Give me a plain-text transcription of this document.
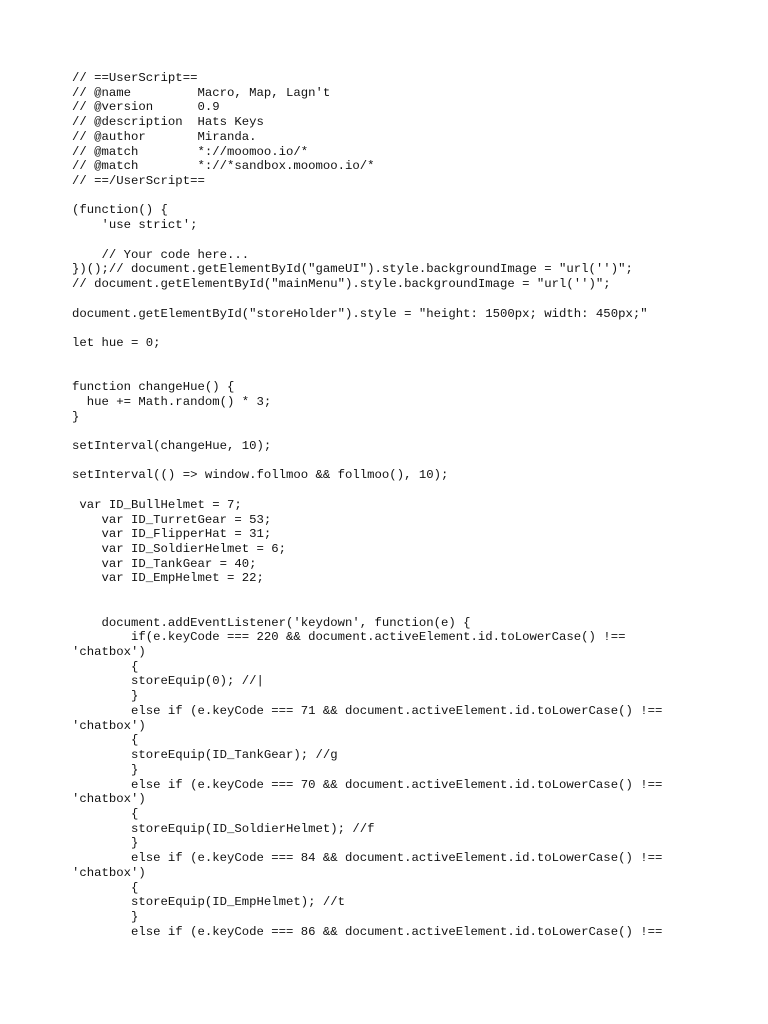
// ==UserScript==
// @name         Macro, Map, Lagn't
// @version      0.9
// @description  Hats Keys
// @author       Miranda.
// @match        *://moomoo.io/*
// @match        *://*sandbox.moomoo.io/*
// ==/UserScript==
(function() {
'use strict';
// Your code here...
})();// document.getElementById("gameUI").style.backgroundImage = "url('')";
// document.getElementById("mainMenu").style.backgroundImage = "url('')";
document.getElementById("storeHolder").style = "height: 1500px; width: 450px;"
let hue = 0;
function changeHue() {
hue += Math.random() * 3;
}
setInterval(changeHue, 10);
setInterval(() => window.follmoo && follmoo(), 10);
var ID_BullHelmet = 7;
var ID_TurretGear = 53;
var ID_FlipperHat = 31;
var ID_SoldierHelmet = 6;
var ID_TankGear = 40;
var ID_EmpHelmet = 22;
document.addEventListener('keydown', function(e) {
if(e.keyCode === 220 && document.activeElement.id.toLowerCase() !==
'chatbox')
{
storeEquip(0); //|
}
else if (e.keyCode === 71 && document.activeElement.id.toLowerCase() !==
'chatbox')
{
storeEquip(ID_TankGear); //g
}
else if (e.keyCode === 70 && document.activeElement.id.toLowerCase() !==
'chatbox')
{
storeEquip(ID_SoldierHelmet); //f
}
else if (e.keyCode === 84 && document.activeElement.id.toLowerCase() !==
'chatbox')
{
storeEquip(ID_EmpHelmet); //t
}
else if (e.keyCode === 86 && document.activeElement.id.toLowerCase() !==
